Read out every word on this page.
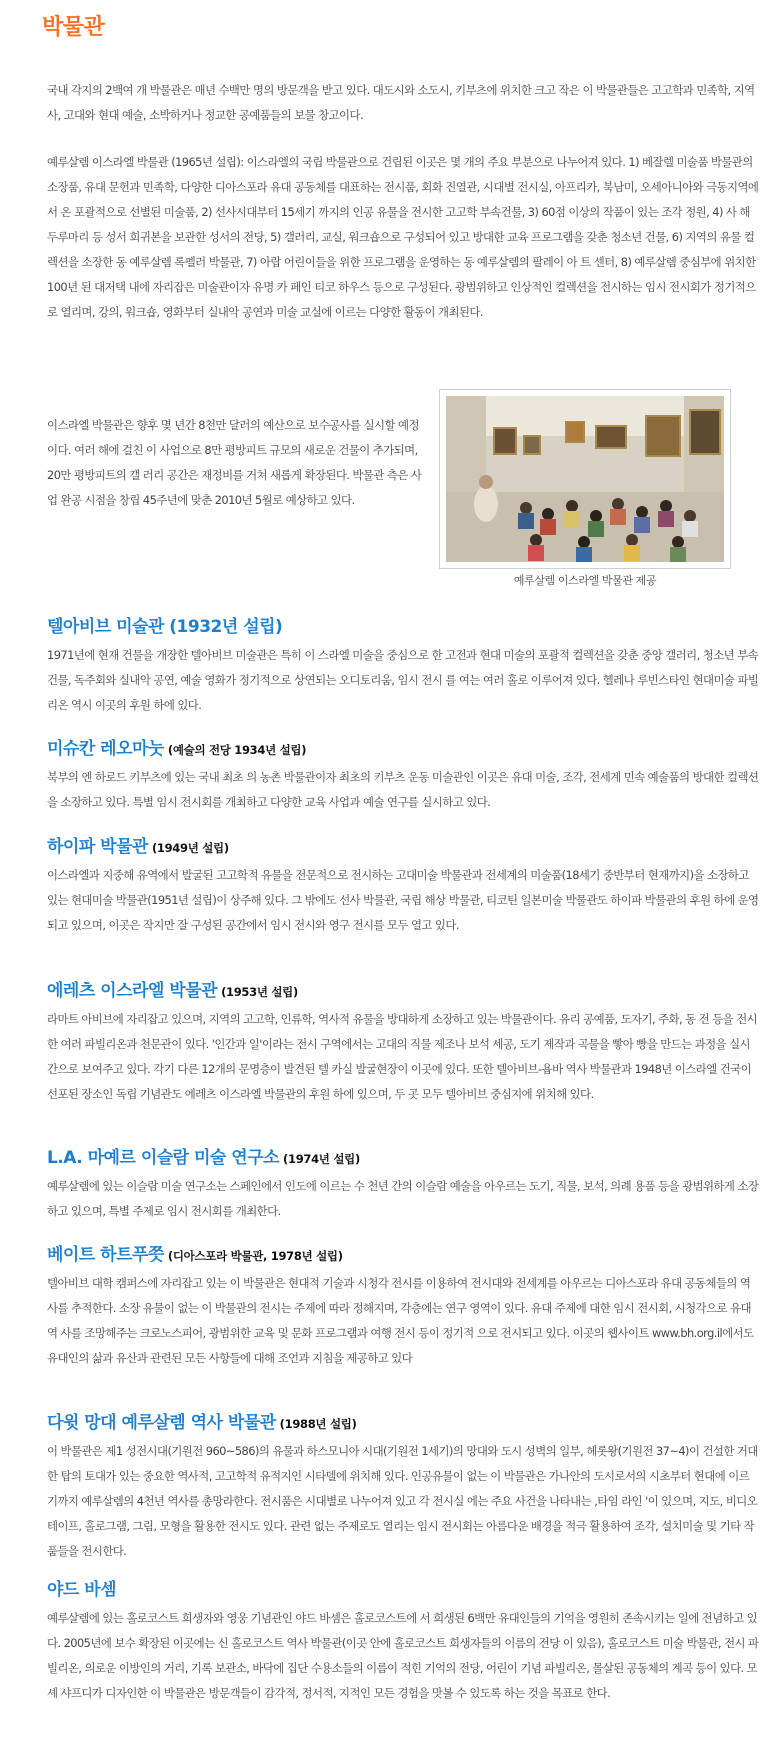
박물관

국내 각지의 2백여 개 박물관은 매년 수백만 명의 방문객을 받고 있다. 대도시와 소도시, 키부츠에 위치한 크고 작은 이 박물관들은 고고학과 민족학, 지역사, 고대와 현대 예술, 소박하거나 정교한 공예품들의 보물 창고이다.

예루살렘 이스라엘 박물관 (1965년 설립): 이스라엘의 국립 박물관으로 건립된 이곳은 몇 개의 주요 부분으로 나누어져 있다. 1) 베잘렐 미술품 박물관의 소장품, 유대 문헌과 민족학, 다양한 디아스포라 유대 공동체를 대표하는 전시품, 회화 진열관, 시대별 전시실, 아프리카, 북남미, 오세아니아와 극동지역에서 온 포괄적으로 선별된 미술품, 2) 선사시대부터 15세기 까지의 인공 유물을 전시한 고고학 부속건물, 3) 60점 이상의 작품이 있는 조각 정원, 4) 사 해 두루마리 등 성서 희귀본을 보관한 성서의 전당, 5) 갤러리, 교실, 워크숍으로 구성되어 있고 방대한 교육 프로그램을 갖춘 청소년 건물, 6) 지역의 유물 컬렉션을 소장한 동 예루살렘 록펠러 박물관, 7) 아랍 어린이들을 위한 프로그램을 운영하는 동 예루살렘의 팔레이 아 트 센터, 8) 예루살렘 중심부에 위치한 100년 된 대저택 내에 자리잡은 미술관이자 유명 카 페인 티코 하우스 등으로 구성된다. 광범위하고 인상적인 컬렉션을 전시하는 임시 전시회가 정기적으로 열리며, 강의, 워크숍, 영화부터 실내악 공연과 미술 교실에 이르는 다양한 활동이 개최된다.

이스라엘 박물관은 향후 몇 년간 8천만 달러의 예산으로 보수공사를 실시할 예정이다. 여러 해에 걸친 이 사업으로 8만 평방피트 규모의 새로운 건물이 추가되며, 20만 평방피트의 갤 러리 공간은 재정비를 거쳐 새롭게 확장된다. 박물관 측은 사업 완공 시점을 창립 45주년에 맞춘 2010년 5월로 예상하고 있다.

예루살렘 이스라엘 박물관 제공

텔아비브 미술관 (1932년 설립)

1971년에 현재 건물을 개장한 텔아비브 미술관은 특히 이 스라엘 미술을 중심으로 한 고전과 현대 미술의 포괄적 컬렉션을 갖춘 중앙 갤러리, 청소년 부속건물, 독주회와 실내악 공연, 예술 영화가 정기적으로 상연되는 오디토리움, 임시 전시 를 여는 여러 홀로 이루어져 있다. 헬레나 루빈스타인 현대미술 파빌리온 역시 이곳의 후원 하에 있다.

미슈칸 레오마눗 (예술의 전당 1934년 설립)

북부의 엔 하로드 키부츠에 있는 국내 최초 의 농촌 박물관이자 최초의 키부츠 운동 미술관인 이곳은 유대 미술, 조각, 전세계 민속 예술품의 방대한 컬렉션을 소장하고 있다. 특별 임시 전시회를 개최하고 다양한 교육 사업과 예술 연구를 실시하고 있다.

하이파 박물관 (1949년 설립)

이스라엘과 지중해 유역에서 발굴된 고고학적 유물을 전문적으로 전시하는 고대미술 박물관과 전세계의 미술품(18세기 중반부터 현재까지)을 소장하고 있는 현대미술 박물관(1951년 설립)이 상주해 있다. 그 밖에도 선사 박물관, 국립 해상 박물관, 티코틴 일본미술 박물관도 하이파 박물관의 후원 하에 운영되고 있으며, 이곳은 작지만 잘 구성된 공간에서 임시 전시와 영구 전시를 모두 열고 있다.

에레츠 이스라엘 박물관 (1953년 설립)

라마트 아비브에 자리잡고 있으며, 지역의 고고학, 인류학, 역사적 유물을 방대하게 소장하고 있는 박물관이다. 유리 공예품, 도자기, 주화, 동 전 등을 전시한 여러 파빌리온과 천문관이 있다. '인간과 일'이라는 전시 구역에서는 고대의 직물 제조나 보석 세공, 도기 제작과 곡물을 빻아 빵을 만드는 과정을 실시간으로 보여주고 있다. 각기 다른 12개의 문명층이 발견된 텔 카실 발굴현장이 이곳에 있다. 또한 텔아비브-욥바 역사 박물관과 1948년 이스라엘 건국이 선포된 장소인 독립 기념관도 에레츠 이스라엘 박물관의 후원 하에 있으며, 두 곳 모두 텔아비브 중심지에 위치해 있다.

L.A. 마예르 이슬람 미술 연구소 (1974년 설립)

예루살렘에 있는 이슬람 미술 연구소는 스페인에서 인도에 이르는 수 천년 간의 이슬람 예술을 아우르는 도기, 직물, 보석, 의례 용품 등을 광범위하게 소장하고 있으며, 특별 주제로 임시 전시회를 개최한다.

베이트 하트푸쯧 (디아스포라 박물관, 1978년 설립)

텔아비브 대학 캠퍼스에 자리잡고 있는 이 박물관은 현대적 기술과 시청각 전시를 이용하여 전시대와 전세계를 아우르는 디아스포라 유대 공동체들의 역사를 추적한다. 소장 유물이 없는 이 박물관의 전시는 주제에 따라 정해지며, 각층에는 연구 영역이 있다. 유대 주제에 대한 임시 전시회, 시청각으로 유대 역 사를 조망해주는 크로노스피어, 광범위한 교육 및 문화 프로그램과 여행 전시 등이 정기적 으로 전시되고 있다. 이곳의 웹사이트 www.bh.org.il에서도 유대인의 삶과 유산과 관련된 모든 사항들에 대해 조언과 지침을 제공하고 있다

다윗 망대 예루살렘 역사 박물관 (1988년 설립)

이 박물관은 제1 성전시대(기원전 960~586)의 유물과 하스모니아 시대(기원전 1세기)의 망대와 도시 성벽의 일부, 헤롯왕(기원전 37~4)이 건설한 거대한 탑의 토대가 있는 중요한 역사적, 고고학적 유적지인 시타델에 위치해 있다. 인공유물이 없는 이 박물관은 가나안의 도시로서의 시초부터 현대에 이르 기까지 예루살렘의 4천년 역사를 총망라한다. 전시품은 시대별로 나누어져 있고 각 전시실 에는 주요 사건을 나타내는 ‚타임 라인 '이 있으며, 지도, 비디오테이프, 홀로그램, 그림, 모형을 활용한 전시도 있다. 관련 없는 주제로도 열리는 임시 전시회는 아름다운 배경을 적극 활용하여 조각, 설치미술 및 기타 작품들을 전시한다.

야드 바셈

예루살렘에 있는 홀로코스트 희생자와 영웅 기념관인 야드 바셈은 홀로코스트에 서 희생된 6백만 유대인들의 기억을 영원히 존속시키는 일에 전념하고 있다. 2005년에 보수 확장된 이곳에는 신 홀로코스트 역사 박물관(이곳 안에 홀로코스트 희생자들의 이름의 전당 이 있음), 홀로코스트 미술 박물관, 전시 파빌리온, 의로운 이방인의 거리, 기록 보관소, 바닥에 집단 수용소들의 이름이 적힌 기억의 전당, 어린이 기념 파빌리온, 몰살된 공동체의 계곡 등이 있다. 모셰 샤프디가 디자인한 이 박물관은 방문객들이 감각적, 정서적, 지적인 모든 경험을 맛볼 수 있도록 하는 것을 목표로 한다.
